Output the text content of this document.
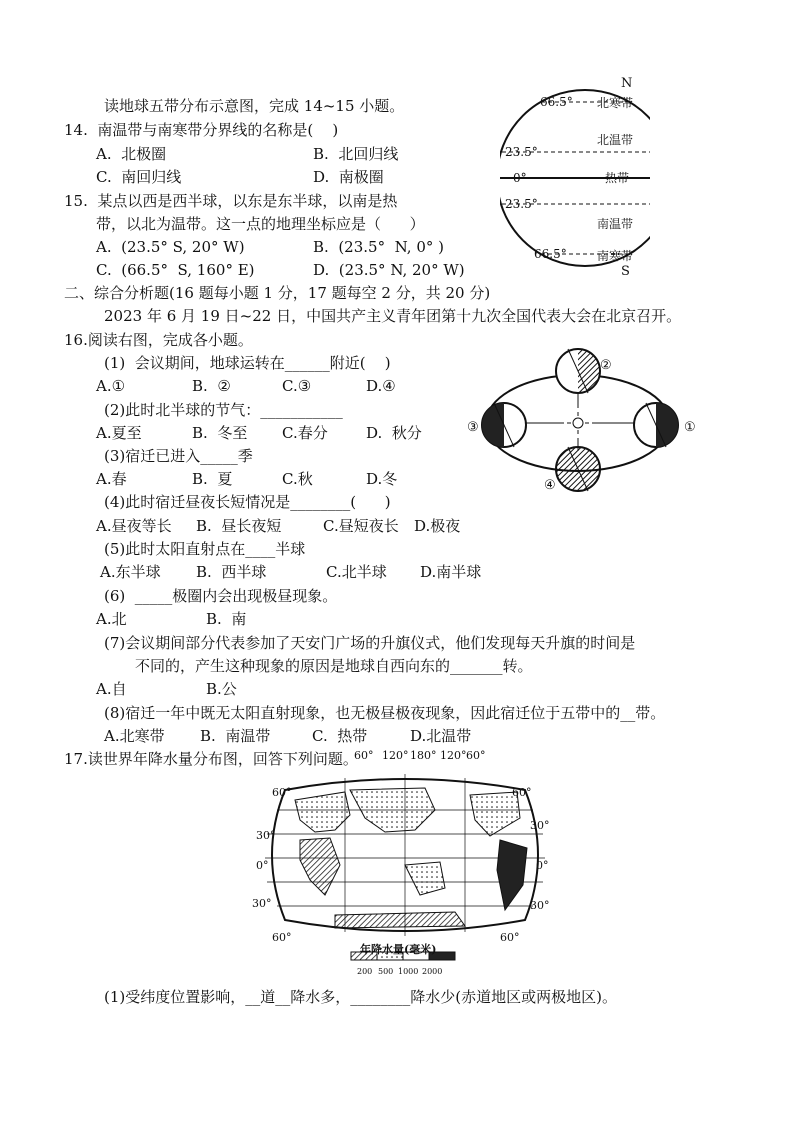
读地球五带分布示意图，完成 14~15 小题。
14.  南温带与南寒带分界线的名称是(    )
A.  北极圈	B.  北回归线
C.  南回归线	D.  南极圈
15.  某点以西是西半球，以东是东半球，以南是热
带，以北为温带。这一点的地理坐标应是（      ）
A.  (23.5° S, 20° W)	B.  (23.5°  N, 0° )
C.  (66.5°  S, 160° E)	D.  (23.5° N, 20° W)
N
S
66.5°
23.5°
0°
23.5°
66.5°
北寒带
北温带
热带
南温带
南寒带
二、综合分析题(16 题每小题 1 分，17 题每空 2 分，共 20 分)
2023 年 6 月 19 日~22 日，中国共产主义青年团第十九次全国代表大会在北京召开。
16.阅读右图，完成各小题。
(1)  会议期间，地球运转在______附近(    )
A.①	B.  ②	C.③	D.④
(2)此时北半球的节气：___________
A.夏至	B.  冬至 C.春分	D.  秋分
(3)宿迁已进入_____季
A.春	B.  夏	C.秋	D.冬
(4)此时宿迁昼夜长短情况是________(      )
A.昼夜等长 B.  昼长夜短	C.昼短夜长 D.极夜
(5)此时太阳直射点在____半球
A.东半球 B.  西半球	C.北半球 D.南半球
(6)  _____极圈内会出现极昼现象。
A.北	B.  南
(7)会议期间部分代表参加了天安门广场的升旗仪式，他们发现每天升旗的时间是
不同的，产生这种现象的原因是地球自西向东的_______转。
A.自	B.公
(8)宿迁一年中既无太阳直射现象，也无极昼极夜现象，因此宿迁位于五带中的__带。
A.北寒带 B.  南温带	C.  热带	D.北温带
②
①
③
④
17.读世界年降水量分布图，回答下列问题。
60° 120° 180° 120° 60°
60°
30°
0°
30°
60°
60°
30°
0°
30°
60°
年降水量(毫米)
200 500 1000 2000
(1)受纬度位置影响，__道__降水多，________降水少(赤道地区或两极地区)。
